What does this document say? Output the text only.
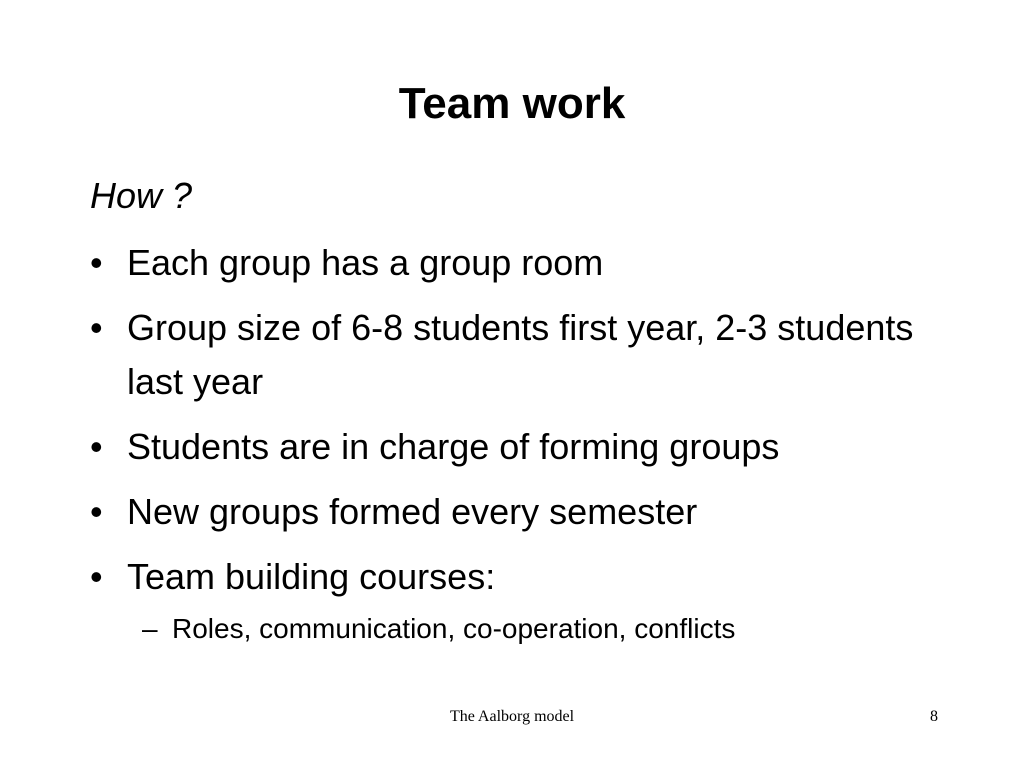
Team work
How ?
• Each group has a group room
• Group size of 6-8 students first year, 2-3 students last year
• Students are in charge of forming groups
• New groups formed every semester
• Team building courses:
– Roles, communication, co-operation, conflicts
The Aalborg model	8
